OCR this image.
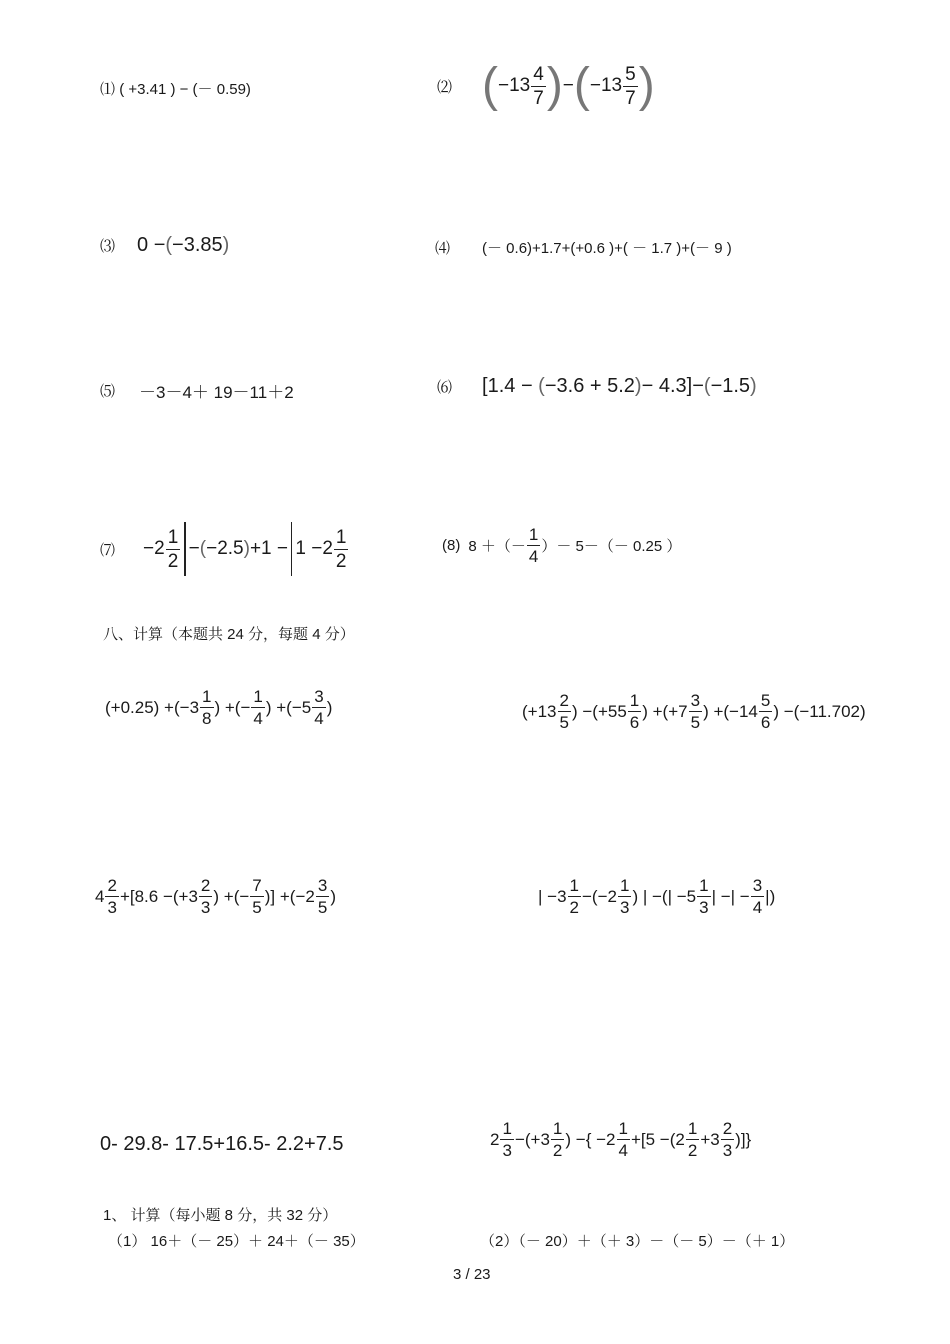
⑴ ( +3.41 ) − (－ 0.59)	⑵ ( $-13 \frac{4}{7}$ ) − ( $-13 \frac{5}{7}$ )
⑶ 0 − ( −3.85 )	⑷ (－ 0.6)+1.7+(+0.6 )+( － 1.7 )+(－ 9 )
⑸ －3－4＋ 19－11＋2	⑹ [ 1.4 − ( −3.6 + 5.2 ) − 4.3 ] − ( −1.5 )
⑺ $-2 \frac{1}{2}$ − ( −2.5 ) $+1 - 1 -2 \frac{1}{2}$	(8) 8 ＋（－ $\frac{1}{4}$ ）－ 5－（－ 0.25 ）
八、计算（本题共 24 分，每题 4 分）
$(+0.25) +(-3 \frac{1}{8}$ ) +(− $\frac{1}{4}$ ) $+(-5 \frac{3}{4}$ )	($+13 \frac{2}{5}$ ) $-(+55 \frac{1}{6}$ ) $+(+7 \frac{3}{5}$ ) $+(-14 \frac{5}{6}$ ) −(−11.702)
$4 \frac{2}{3} +[8.6 -(+3 \frac{2}{3}$ ) +(− $\frac{7}{5}$ )] $+(-2 \frac{3}{5}$ )	| $-3 \frac{1}{2} -(-2 \frac{1}{3}$ ) | −(| $-5 \frac{1}{3}$ | −| − $\frac{3}{4}$ |)
0- 29.8- 17.5+16.5- 2.2+7.5	$2 \frac{1}{3} -(+3 \frac{1}{2}$ ) −{ $-2 \frac{1}{4} +[5 -(2 \frac{1}{2} +3 \frac{2}{3}$ )]}
1、 计算（每小题 8 分，共 32 分）
（1） 16＋（－ 25）＋ 24＋（－ 35）	（2）（－ 20）＋（＋ 3）－（－ 5）－（＋ 1）
3 / 23
